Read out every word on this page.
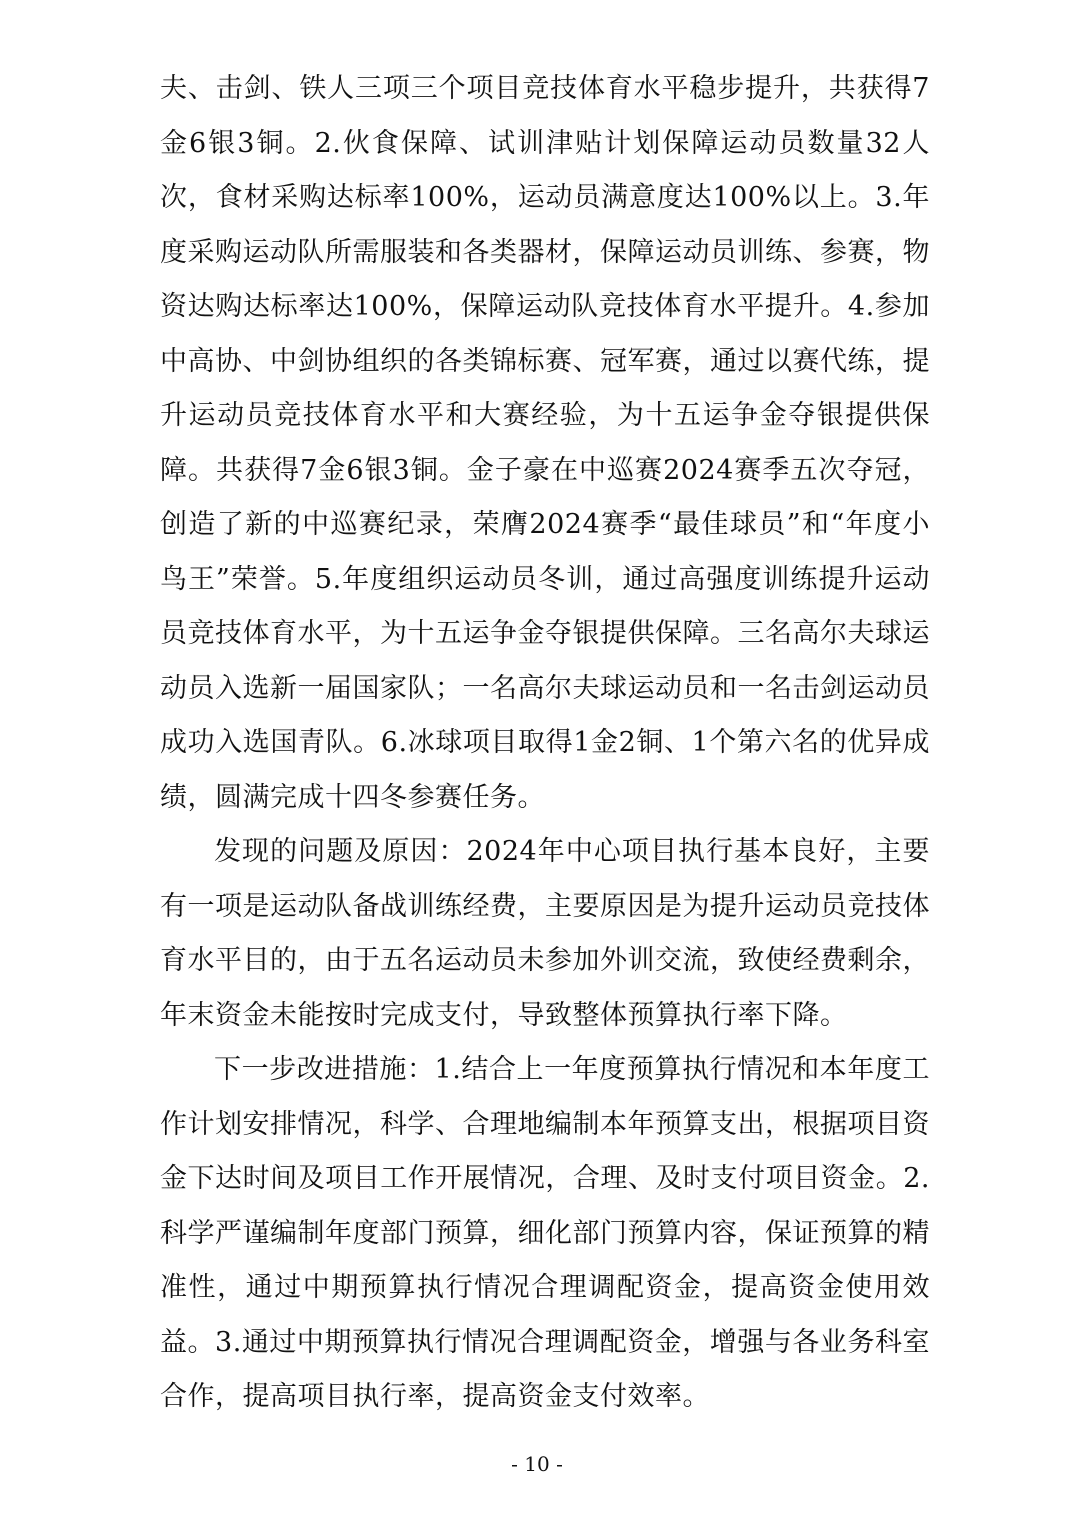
夫、击剑、铁人三项三个项目竞技体育水平稳步提升，共获得7金6银3铜。2.伙食保障、试训津贴计划保障运动员数量32人次，食材采购达标率100%，运动员满意度达100%以上。3.年度采购运动队所需服装和各类器材，保障运动员训练、参赛，物资达购达标率达100%，保障运动队竞技体育水平提升。4.参加中高协、中剑协组织的各类锦标赛、冠军赛，通过以赛代练，提升运动员竞技体育水平和大赛经验，为十五运争金夺银提供保障。共获得7金6银3铜。金子豪在中巡赛2024赛季五次夺冠，创造了新的中巡赛纪录，荣膺2024赛季“最佳球员”和“年度小鸟王”荣誉。5.年度组织运动员冬训，通过高强度训练提升运动员竞技体育水平，为十五运争金夺银提供保障。三名高尔夫球运动员入选新一届国家队；一名高尔夫球运动员和一名击剑运动员成功入选国青队。6.冰球项目取得1金2铜、1个第六名的优异成绩，圆满完成十四冬参赛任务。

发现的问题及原因：2024年中心项目执行基本良好，主要有一项是运动队备战训练经费，主要原因是为提升运动员竞技体育水平目的，由于五名运动员未参加外训交流，致使经费剩余，年末资金未能按时完成支付，导致整体预算执行率下降。

下一步改进措施：1.结合上一年度预算执行情况和本年度工作计划安排情况，科学、合理地编制本年预算支出，根据项目资金下达时间及项目工作开展情况，合理、及时支付项目资金。2.科学严谨编制年度部门预算，细化部门预算内容，保证预算的精准性，通过中期预算执行情况合理调配资金，提高资金使用效益。3.通过中期预算执行情况合理调配资金，增强与各业务科室合作，提高项目执行率，提高资金支付效率。

- 10 -
